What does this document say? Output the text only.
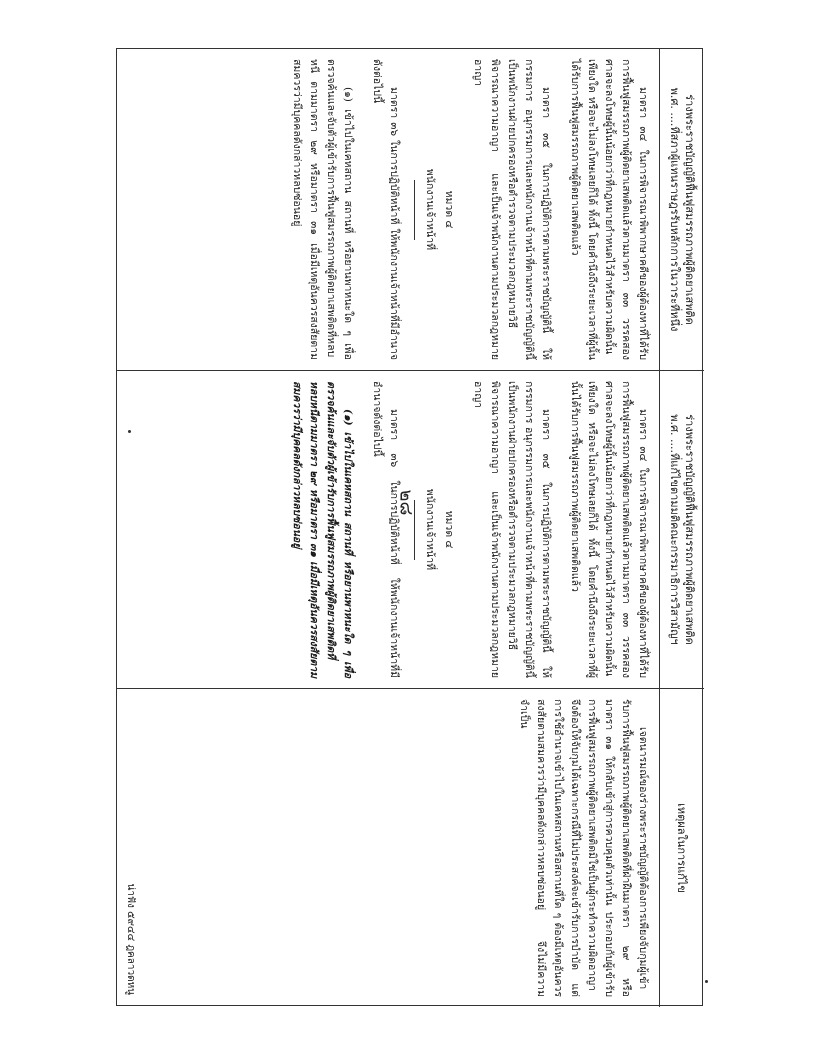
๒๘
ร่างพระราชบัญญัติฟื้นฟูสมรรถภาพผู้ติดยาเสพติด
พ.ศ. ....ที่สภาผู้แทนราษฎรรับหลักการในวาระที่หนึ่ง

มาตรา ๓๔ ในการพิจารณาพิพากษาคดีของผู้ต้องหาที่ได้รับการฟื้นฟูสมรรถภาพผู้ติดยาเสพติดแล้วตามมาตรา ๓๓ วรรคสอง ศาลจะลงโทษผู้นั้นน้อยกว่าที่กฎหมายกำหนดไว้สำหรับความผิดนั้นเพียงใด หรือจะไม่ลงโทษเลยก็ได้ ทั้งนี้ โดยคำนึงถึงระยะเวลาที่ผู้นั้นได้รับการฟื้นฟูสมรรถภาพผู้ติดยาเสพติดแล้ว

มาตรา ๓๕ ในการปฏิบัติการตามพระราชบัญญัตินี้ ให้กรรมการ อนุกรรมการและพนักงานเจ้าหน้าที่ตามพระราชบัญญัตินี้ เป็นพนักงานฝ่ายปกครองหรือตำรวจตามประมวลกฎหมายวิธีพิจารณาความอาญา และเป็นเจ้าพนักงานตามประมวลกฎหมายอาญา

หมวด ๔
พนักงานเจ้าหน้าที่

มาตรา ๓๖ ในการปฏิบัติหน้าที่ ให้พนักงานเจ้าหน้าที่มีอำนาจดังต่อไปนี้

(๑) เข้าไปในเคหสถาน สถานที่ หรือยานพาหนะใด ๆ เพื่อตรวจค้นและจับตัวผู้เข้ารับการฟื้นฟูสมรรถภาพผู้ติดยาเสพติดที่หลบหนี ตามมาตรา ๒๙ หรือมาตรา ๓๑ เมื่อมีเหตุอันควรสงสัยตามสมควรว่ามีบุคคลดังกล่าวหลบซ่อนอยู่

ร่างพระราชบัญญัติฟื้นฟูสมรรถภาพผู้ติดยาเสพติด
พ.ศ. ....ที่แก้ไขตามมติคณะกรรมาธิการวิสามัญฯ

มาตรา ๓๔ ในการพิจารณาพิพากษาคดีของผู้ต้องหาที่ได้รับการฟื้นฟูสมรรถภาพผู้ติดยาเสพติดแล้วตามมาตรา ๓๓ วรรคสอง ศาลจะลงโทษผู้นั้นน้อยกว่าที่กฎหมายกำหนดไว้สำหรับความผิดนั้นเพียงใด หรือจะไม่ลงโทษเลยก็ได้ ทั้งนี้ โดยคำนึงถึงระยะเวลาที่ผู้นั้นได้รับการฟื้นฟูสมรรถภาพผู้ติดยาเสพติดแล้ว

มาตรา ๓๕ ในการปฏิบัติการตามพระราชบัญญัตินี้ ให้กรรมการ อนุกรรมการและพนักงานเจ้าหน้าที่ตามพระราชบัญญัตินี้ เป็นพนักงานฝ่ายปกครองหรือตำรวจตามประมวลกฎหมายวิธีพิจารณาความอาญา และเป็นเจ้าพนักงานตามประมวลกฎหมายอาญา

หมวด ๔
พนักงานเจ้าหน้าที่

มาตรา ๓๖ ในการปฏิบัติหน้าที่ ให้พนักงานเจ้าหน้าที่มีอำนาจดังต่อไปนี้

(๑) เข้าไปในเคหสถาน สถานที่ หรือยานพาหนะใด ๆ เพื่อตรวจค้นและจับตัวผู้เข้ารับการฟื้นฟูสมรรถภาพผู้ติดยาเสพติดที่หลบหนีตามมาตรา ๒๙ หรือมาตรา ๓๑ เมื่อมีเหตุอันควรสงสัยตามสมควรว่ามีบุคคลดังกล่าวหลบซ่อนอยู่

เหตุผลในการแก้ไข

เจตนารมณ์ของร่างพระราชบัญญัติต้องการเพียงจับกุมผู้เข้ารับการฟื้นฟูสมรรถภาพผู้ติดยาเสพติดที่ฝ่าฝืนมาตรา ๒๙ หรือมาตรา ๓๑ ให้กลับเข้าสู่การควบคุมตัวเท่านั้น ประกอบกับผู้เข้ารับการฟื้นฟูสมรรถภาพผู้ติดยาเสพติดมิใช่เป็นผู้กระทำความผิดอาญา จึงต้องให้จับกุมได้เฉพาะกรณีที่ไม่ประสงค์จะเข้ารับการบำบัด แต่การใช้อำนาจเข้าไปในเคหสถานหรือสถานที่ใด ๆ ต้องมีเหตุอันควรสงสัยตามสมควรว่ามีบุคคลดังกล่าวหลบซ่อนอยู่ จึงไม่มีความจำเป็น

น่าฟัง ๕๙๔๔ ฎคลาวดหนู
